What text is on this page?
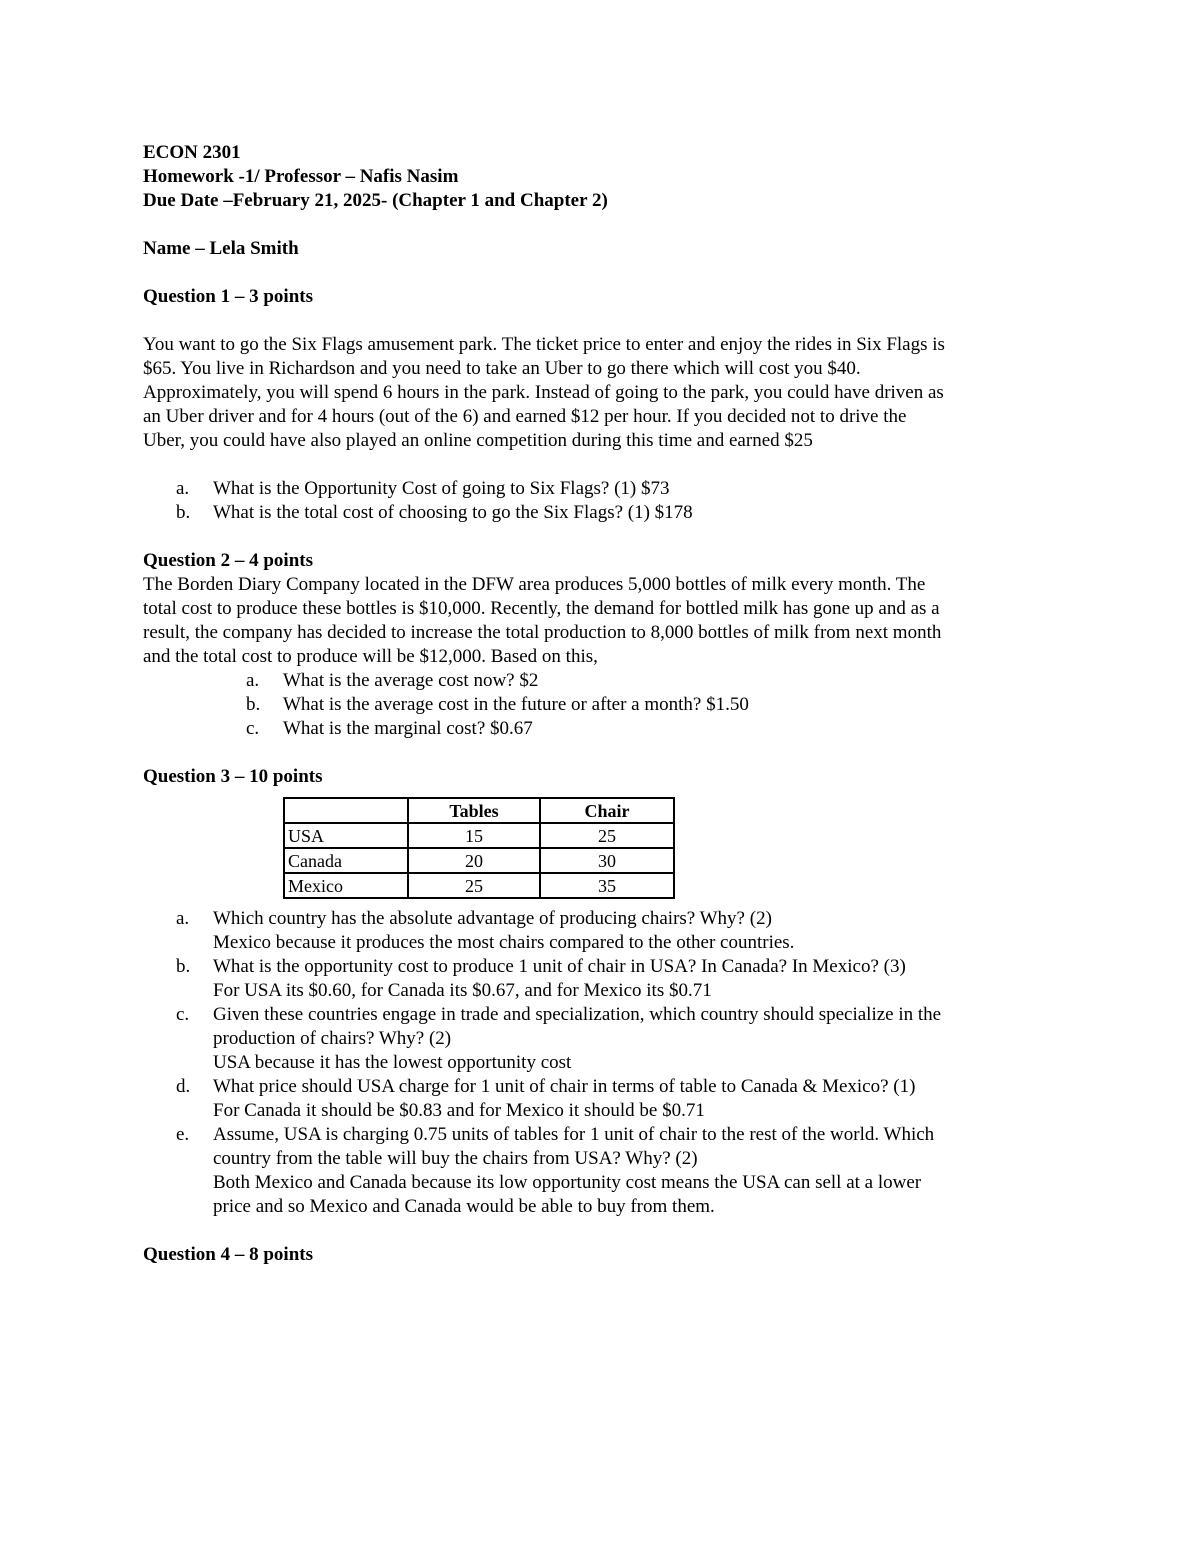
ECON 2301
Homework -1/ Professor – Nafis Nasim
Due Date –February 21, 2025- (Chapter 1 and Chapter 2)
Name – Lela Smith
Question 1 – 3 points
You want to go the Six Flags amusement park. The ticket price to enter and enjoy the rides in Six Flags is
$65. You live in Richardson and you need to take an Uber to go there which will cost you $40.
Approximately, you will spend 6 hours in the park. Instead of going to the park, you could have driven as
an Uber driver and for 4 hours (out of the 6) and earned $12 per hour. If you decided not to drive the
Uber, you could have also played an online competition during this time and earned $25
a. What is the Opportunity Cost of going to Six Flags? (1) $73
b. What is the total cost of choosing to go the Six Flags? (1) $178
Question 2 – 4 points
The Borden Diary Company located in the DFW area produces 5,000 bottles of milk every month. The
total cost to produce these bottles is $10,000. Recently, the demand for bottled milk has gone up and as a
result, the company has decided to increase the total production to 8,000 bottles of milk from next month
and the total cost to produce will be $12,000. Based on this,
a. What is the average cost now? $2
b. What is the average cost in the future or after a month? $1.50
c. What is the marginal cost? $0.67
Question 3 – 10 points
	Tables	Chair
USA	15	25
Canada	20	30
Mexico	25	35
a. Which country has the absolute advantage of producing chairs? Why? (2)
Mexico because it produces the most chairs compared to the other countries.
b. What is the opportunity cost to produce 1 unit of chair in USA? In Canada? In Mexico? (3)
For USA its $0.60, for Canada its $0.67, and for Mexico its $0.71
c. Given these countries engage in trade and specialization, which country should specialize in the
production of chairs? Why? (2)
USA because it has the lowest opportunity cost
d. What price should USA charge for 1 unit of chair in terms of table to Canada & Mexico? (1)
For Canada it should be $0.83 and for Mexico it should be $0.71
e. Assume, USA is charging 0.75 units of tables for 1 unit of chair to the rest of the world. Which
country from the table will buy the chairs from USA? Why? (2)
Both Mexico and Canada because its low opportunity cost means the USA can sell at a lower
price and so Mexico and Canada would be able to buy from them.
Question 4 – 8 points
